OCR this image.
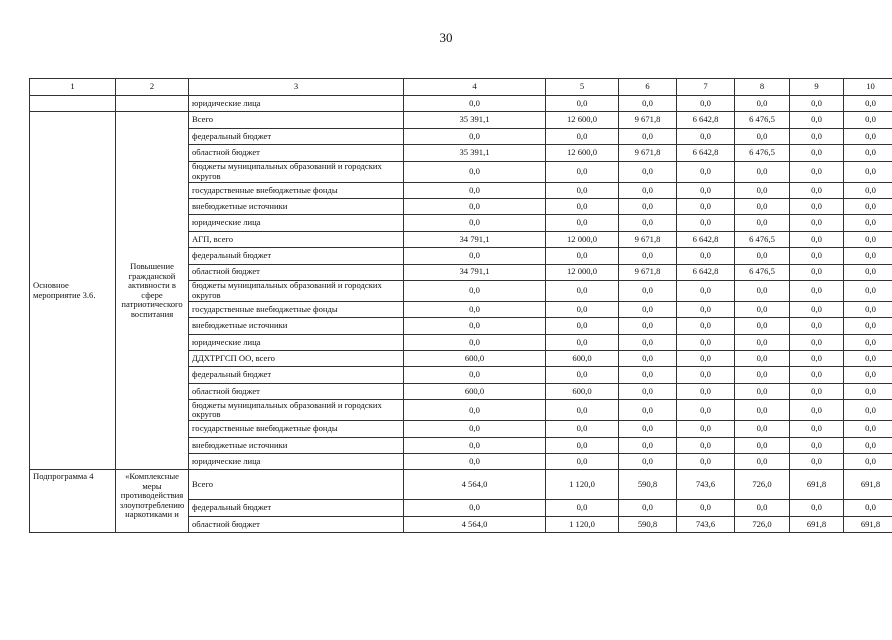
30
1	2	3	4	5	6	7	8	9	10
		юридические лица	0,0	0,0	0,0	0,0	0,0	0,0	0,0
Основное мероприятие 3.6.	Повышение гражданской активности в сфере патриотического воспитания	Всего	35 391,1	12 600,0	9 671,8	6 642,8	6 476,5	0,0	0,0
		федеральный бюджет	0,0	0,0	0,0	0,0	0,0	0,0	0,0
		областной бюджет	35 391,1	12 600,0	9 671,8	6 642,8	6 476,5	0,0	0,0
		бюджеты муниципальных образований и городских округов	0,0	0,0	0,0	0,0	0,0	0,0	0,0
		государственные внебюджетные фонды	0,0	0,0	0,0	0,0	0,0	0,0	0,0
		внебюджетные источники	0,0	0,0	0,0	0,0	0,0	0,0	0,0
		юридические лица	0,0	0,0	0,0	0,0	0,0	0,0	0,0
		АГП, всего	34 791,1	12 000,0	9 671,8	6 642,8	6 476,5	0,0	0,0
		федеральный бюджет	0,0	0,0	0,0	0,0	0,0	0,0	0,0
		областной бюджет	34 791,1	12 000,0	9 671,8	6 642,8	6 476,5	0,0	0,0
		бюджеты муниципальных образований и городских округов	0,0	0,0	0,0	0,0	0,0	0,0	0,0
		государственные внебюджетные фонды	0,0	0,0	0,0	0,0	0,0	0,0	0,0
		внебюджетные источники	0,0	0,0	0,0	0,0	0,0	0,0	0,0
		юридические лица	0,0	0,0	0,0	0,0	0,0	0,0	0,0
		ДДХТРГСП ОО, всего	600,0	600,0	0,0	0,0	0,0	0,0	0,0
		федеральный бюджет	0,0	0,0	0,0	0,0	0,0	0,0	0,0
		областной бюджет	600,0	600,0	0,0	0,0	0,0	0,0	0,0
		бюджеты муниципальных образований и городских округов	0,0	0,0	0,0	0,0	0,0	0,0	0,0
		государственные внебюджетные фонды	0,0	0,0	0,0	0,0	0,0	0,0	0,0
		внебюджетные источники	0,0	0,0	0,0	0,0	0,0	0,0	0,0
		юридические лица	0,0	0,0	0,0	0,0	0,0	0,0	0,0
Подпрограмма 4	«Комплексные меры противодействия злоупотреблению наркотиками и	Всего	4 564,0	1 120,0	590,8	743,6	726,0	691,8	691,8
		федеральный бюджет	0,0	0,0	0,0	0,0	0,0	0,0	0,0
		областной бюджет	4 564,0	1 120,0	590,8	743,6	726,0	691,8	691,8
